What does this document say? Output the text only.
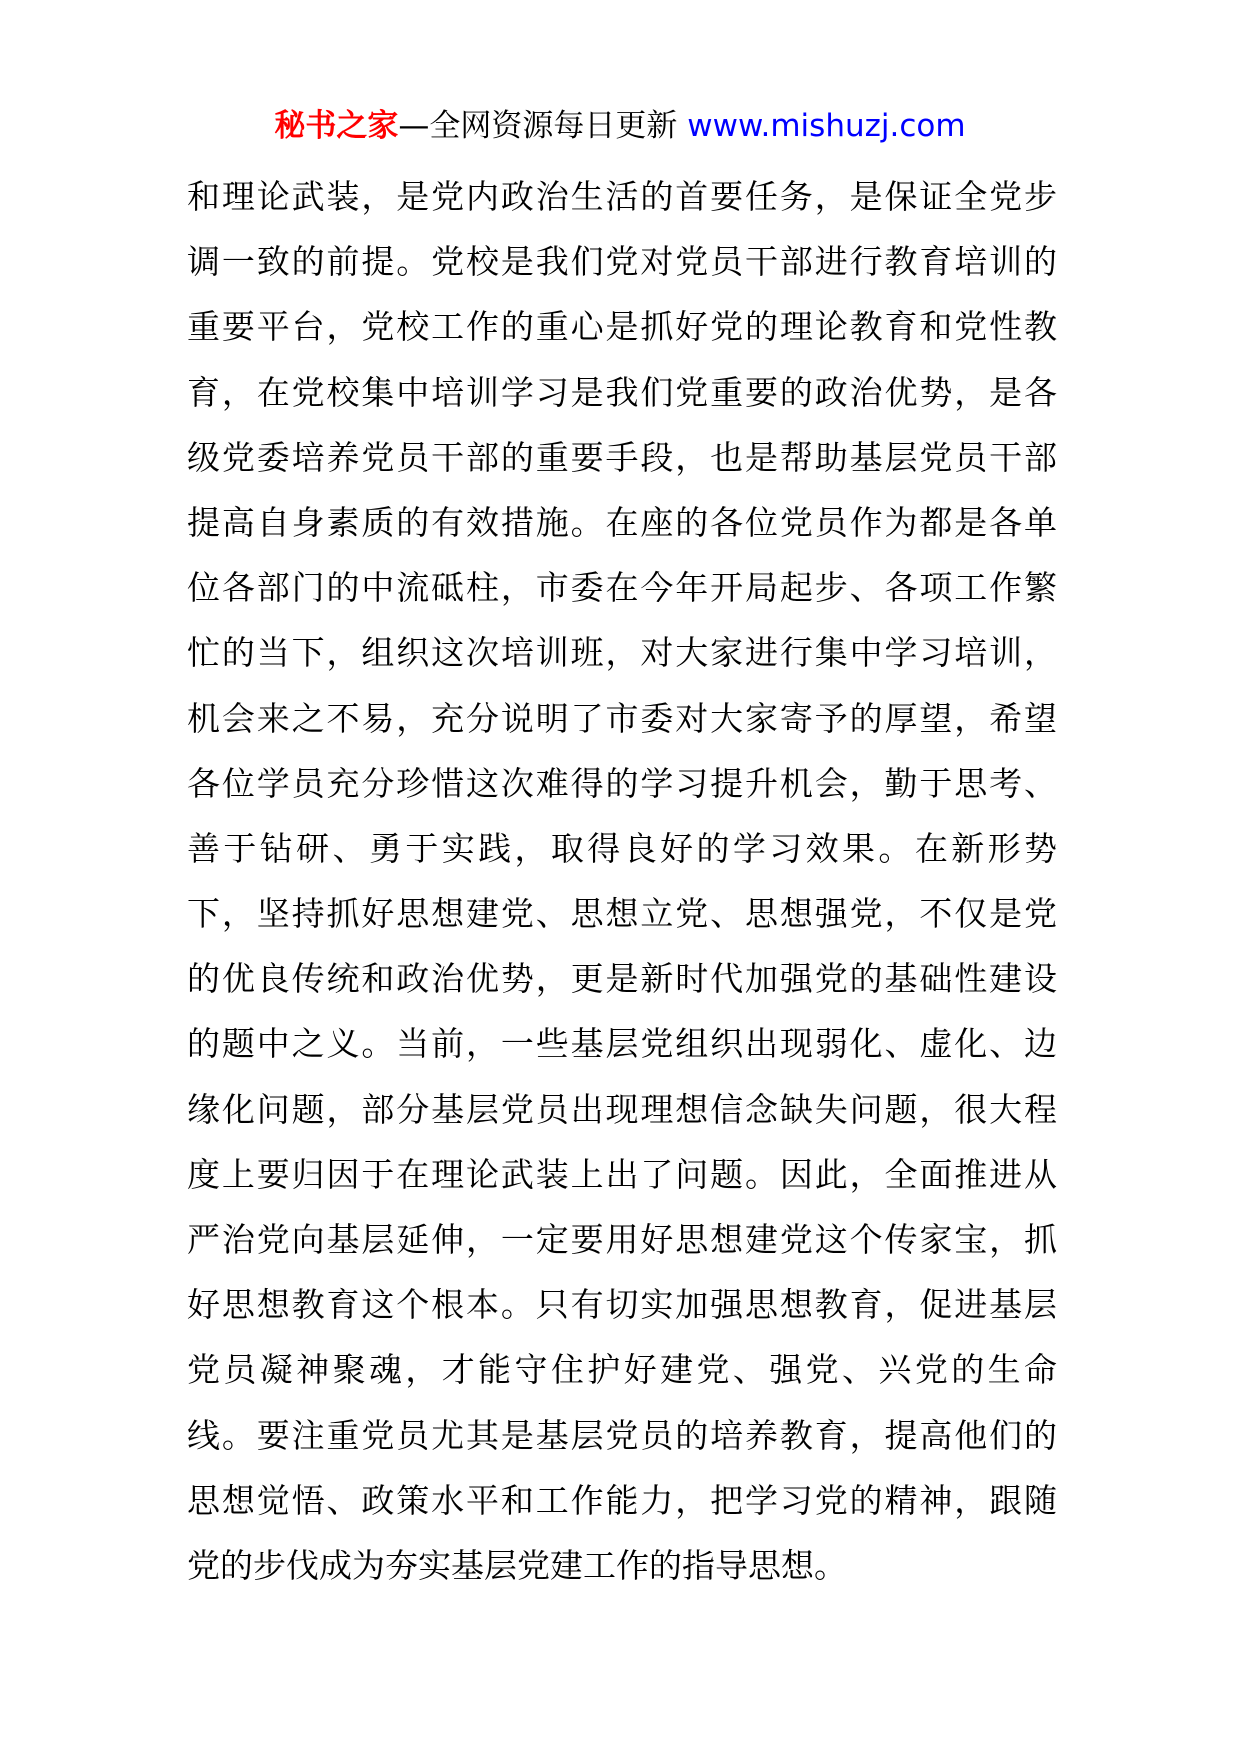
秘书之家—全网资源每日更新 www.mishuzj.com
和理论武装，是党内政治生活的首要任务，是保证全党步
调一致的前提。党校是我们党对党员干部进行教育培训的
重要平台，党校工作的重心是抓好党的理论教育和党性教
育，在党校集中培训学习是我们党重要的政治优势，是各
级党委培养党员干部的重要手段，也是帮助基层党员干部
提高自身素质的有效措施。在座的各位党员作为都是各单
位各部门的中流砥柱，市委在今年开局起步、各项工作繁
忙的当下，组织这次培训班，对大家进行集中学习培训，
机会来之不易，充分说明了市委对大家寄予的厚望，希望
各位学员充分珍惜这次难得的学习提升机会，勤于思考、
善于钻研、勇于实践，取得良好的学习效果。在新形势
下，坚持抓好思想建党、思想立党、思想强党，不仅是党
的优良传统和政治优势，更是新时代加强党的基础性建设
的题中之义。当前，一些基层党组织出现弱化、虚化、边
缘化问题，部分基层党员出现理想信念缺失问题，很大程
度上要归因于在理论武装上出了问题。因此，全面推进从
严治党向基层延伸，一定要用好思想建党这个传家宝，抓
好思想教育这个根本。只有切实加强思想教育，促进基层
党员凝神聚魂，才能守住护好建党、强党、兴党的生命
线。要注重党员尤其是基层党员的培养教育，提高他们的
思想觉悟、政策水平和工作能力，把学习党的精神，跟随
党的步伐成为夯实基层党建工作的指导思想。
